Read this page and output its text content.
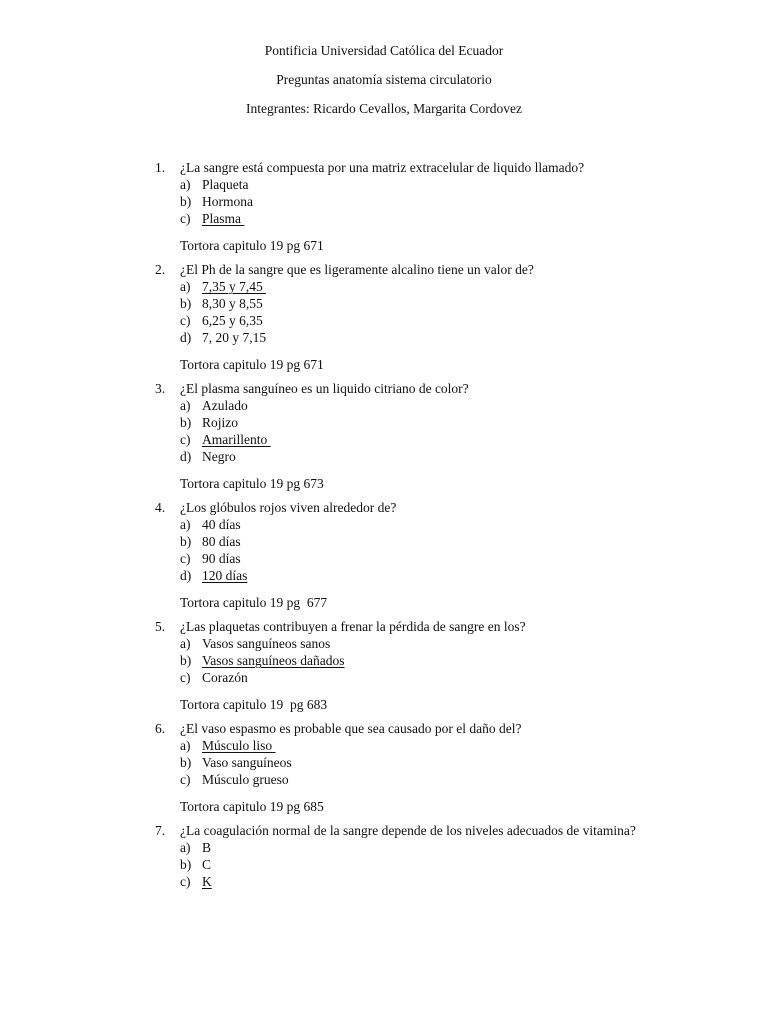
Pontificia Universidad Católica del Ecuador
Preguntas anatomía sistema circulatorio
Integrantes: Ricardo Cevallos, Margarita Cordovez
1.	¿La sangre está compuesta por una matriz extracelular de liquido llamado?
a) Plaqueta
b) Hormona
c) Plasma
Tortora capitulo 19 pg 671
2.	¿El Ph de la sangre que es ligeramente alcalino tiene un valor de?
a) 7,35 y 7,45
b) 8,30 y 8,55
c) 6,25 y 6,35
d) 7, 20 y 7,15
Tortora capitulo 19 pg 671
3.	¿El plasma sanguíneo es un liquido citriano de color?
a) Azulado
b) Rojizo
c) Amarillento
d) Negro
Tortora capitulo 19 pg 673
4.	¿Los glóbulos rojos viven alrededor de?
a) 40 días
b) 80 días
c) 90 días
d) 120 días
Tortora capitulo 19 pg  677
5.	¿Las plaquetas contribuyen a frenar la pérdida de sangre en los?
a) Vasos sanguíneos sanos
b) Vasos sanguíneos dañados
c) Corazón
Tortora capitulo 19  pg 683
6.	¿El vaso espasmo es probable que sea causado por el daño del?
a) Músculo liso
b) Vaso sanguíneos
c) Músculo grueso
Tortora capitulo 19 pg 685
7.	¿La coagulación normal de la sangre depende de los niveles adecuados de vitamina?
a) B
b) C
c) K
